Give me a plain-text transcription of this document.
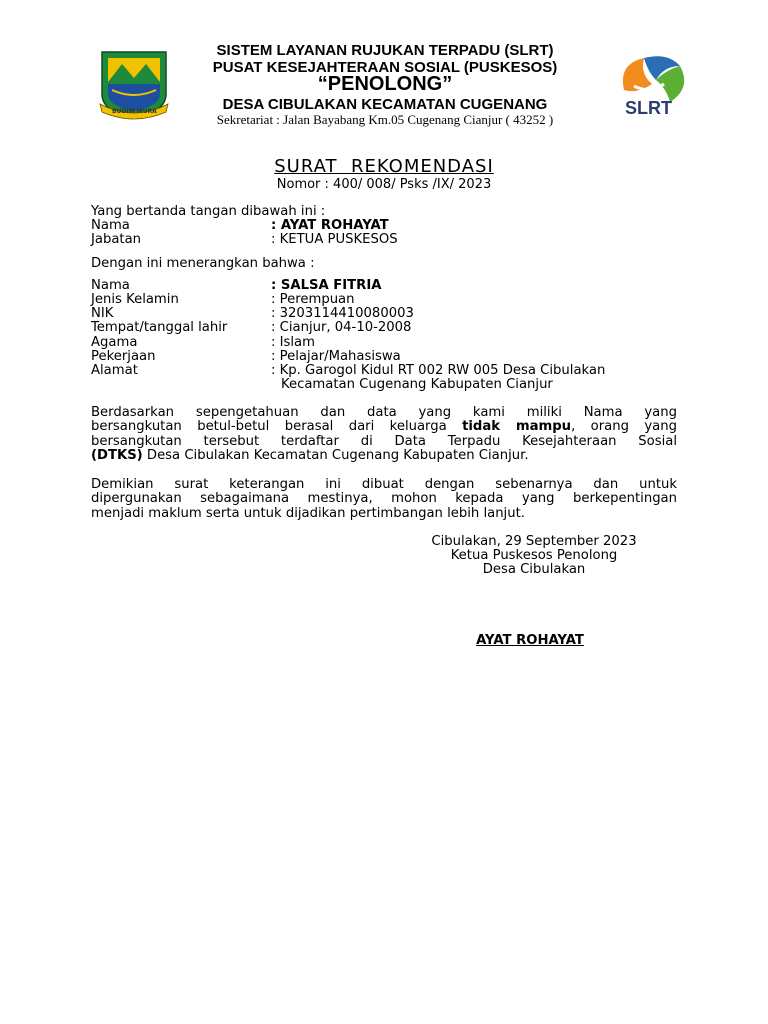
BUDIM MURA	SLRT
SISTEM LAYANAN RUJUKAN TERPADU (SLRT)
PUSAT KESEJAHTERAAN SOSIAL (PUSKESOS)
“PENOLONG”
DESA CIBULAKAN KECAMATAN CUGENANG
Sekretariat : Jalan Bayabang Km.05 Cugenang Cianjur ( 43252 )
SURAT  REKOMENDASI
Nomor : 400/ 008/ Psks /IX/ 2023
Yang bertanda tangan dibawah ini :
Nama	: AYAT ROHAYAT
Jabatan	: KETUA PUSKESOS
Dengan ini menerangkan bahwa :
Nama	: SALSA FITRIA
Jenis Kelamin	: Perempuan
NIK	: 3203114410080003
Tempat/tanggal lahir	: Cianjur, 04-10-2008
Agama	: Islam
Pekerjaan	: Pelajar/Mahasiswa
Alamat	: Kp. Garogol Kidul RT 002 RW 005 Desa Cibulakan
Kecamatan Cugenang Kabupaten Cianjur
Berdasarkan sepengetahuan dan data yang kami miliki Nama yang
bersangkutan betul-betul berasal dari keluarga tidak mampu, orang yang
bersangkutan tersebut terdaftar di Data Terpadu Kesejahteraan Sosial
(DTKS) Desa Cibulakan Kecamatan Cugenang Kabupaten Cianjur.
Demikian surat keterangan ini dibuat dengan sebenarnya dan untuk
dipergunakan sebagaimana mestinya, mohon kepada yang berkepentingan
menjadi maklum serta untuk dijadikan pertimbangan lebih lanjut.
Cibulakan, 29 September 2023
Ketua Puskesos Penolong
Desa Cibulakan
AYAT ROHAYAT
